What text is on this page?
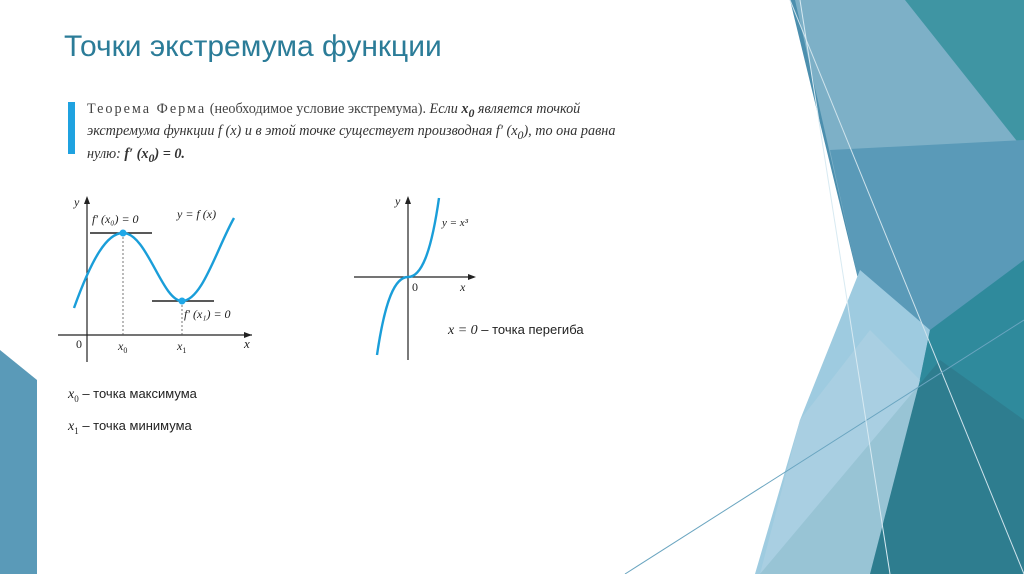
Точки экстремума функции

Теорема Ферма (необходимое условие экстремума). Если $x_0$ является точкой экстремума функции f (x) и в этой точке существует производная f′ $(x_0)$, то она равна нулю: f′ $(x_0) = 0$.

y
x
0
f′ (x₀) = 0
f′ (x₁) = 0
y = f (x)
$x_0$	$x_1$
y
x
0
y = x³

x = 0 – точка перегиба

$x_0$ – точка максимума

$x_1$ – точка минимума
